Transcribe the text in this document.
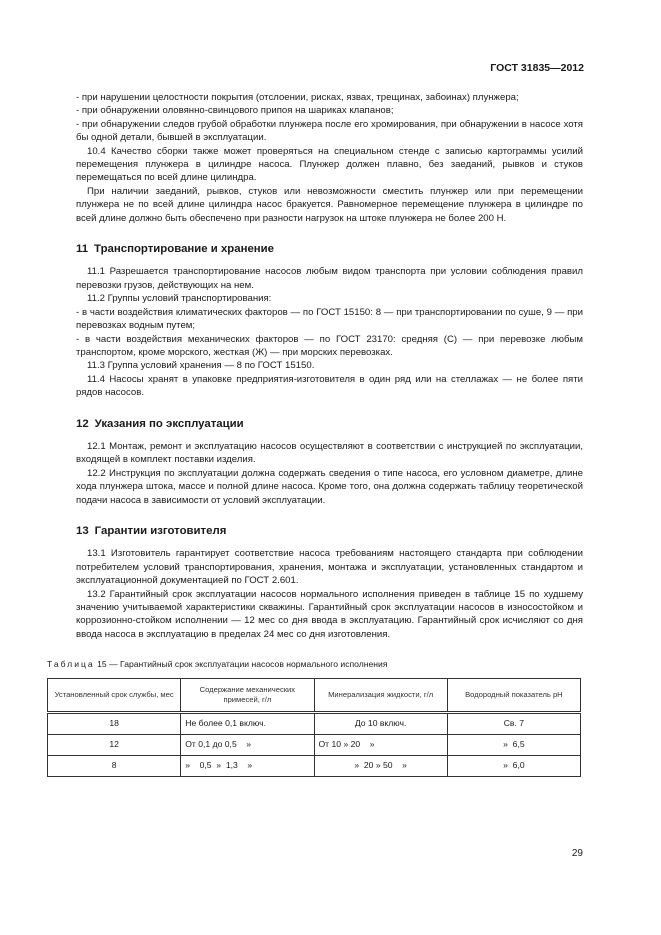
ГОСТ 31835—2012

- при нарушении целостности покрытия (отслоении, рисках, язвах, трещинах, забоинах) плунжера;

- при обнаружении оловянно-свинцового припоя на шариках клапанов;

- при обнаружении следов грубой обработки плунжера после его хромирования, при обнаружении в насосе хотя бы одной детали, бывшей в эксплуатации.

10.4 Качество сборки также может проверяться на специальном стенде с записью картограммы усилий перемещения плунжера в цилиндре насоса. Плунжер должен плавно, без заеданий, рывков и стуков перемещаться по всей длине цилиндра.

При наличии заеданий, рывков, стуков или невозможности сместить плунжер или при перемещении плунжера не по всей длине цилиндра насос бракуется. Равномерное перемещение плунжера в цилиндре по всей длине должно быть обеспечено при разности нагрузок на штоке плунжера не более 200 Н.

11 Транспортирование и хранение

11.1 Разрешается транспортирование насосов любым видом транспорта при условии соблюдения правил перевозки грузов, действующих на нем.

11.2 Группы условий транспортирования:

- в части воздействия климатических факторов — по ГОСТ 15150: 8 — при транспортировании по суше, 9 — при перевозках водным путем;

- в части воздействия механических факторов — по ГОСТ 23170: средняя (С) — при перевозке любым транспортом, кроме морского, жесткая (Ж) — при морских перевозках.

11.3 Группа условий хранения — 8 по ГОСТ 15150.

11.4 Насосы хранят в упаковке предприятия-изготовителя в один ряд или на стеллажах — не более пяти рядов насосов.

12 Указания по эксплуатации

12.1 Монтаж, ремонт и эксплуатацию насосов осуществляют в соответствии с инструкцией по эксплуатации, входящей в комплект поставки изделия.

12.2 Инструкция по эксплуатации должна содержать сведения о типе насоса, его условном диаметре, длине хода плунжера штока, массе и полной длине насоса. Кроме того, она должна содержать таблицу теоретической подачи насоса в зависимости от условий эксплуатации.

13 Гарантии изготовителя

13.1 Изготовитель гарантирует соответствие насоса требованиям настоящего стандарта при соблюдении потребителем условий транспортирования, хранения, монтажа и эксплуатации, установленных стандартом и эксплуатационной документацией по ГОСТ 2.601.

13.2 Гарантийный срок эксплуатации насосов нормального исполнения приведен в таблице 15 по худшему значению учитываемой характеристики скважины. Гарантийный срок эксплуатации насосов в износостойком и коррозионно-стойком исполнении — 12 мес со дня ввода в эксплуатацию. Гарантийный срок исчисляют со дня ввода насоса в эксплуатацию в пределах 24 мес со дня изготовления.

Таблица 15 — Гарантийный срок эксплуатации насосов нормального исполнения
Установленный срок службы, мес	Содержание механических примесей, г/л	Минерализация жидкости, г/л	Водородный показатель pH
18	Не более 0,1 включ.	До 10 включ.	Св. 7
12	От 0,1 до 0,5    »	От 10 » 20    »	»  6,5
8	»    0,5  »  1,3    »	»  20 » 50    »	»  6,0
29
